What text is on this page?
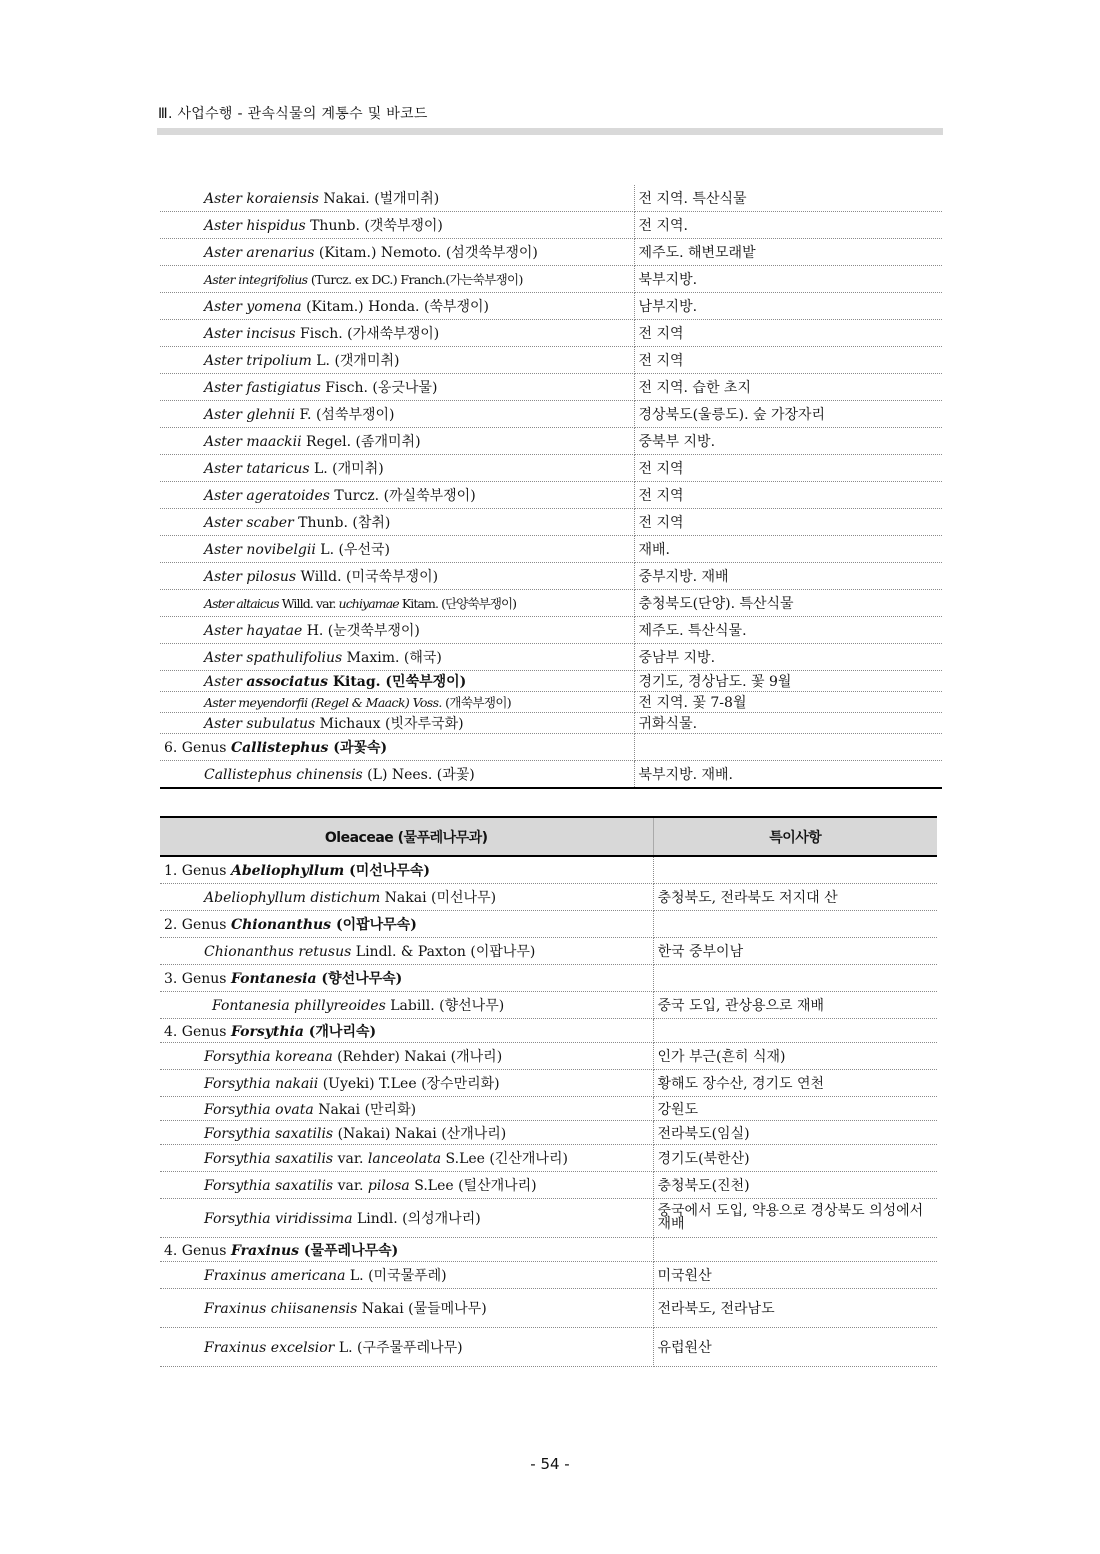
Ⅲ. 사업수행 - 관속식물의 계통수 및 바코드
Aster koraiensis Nakai. (벌개미취)	전 지역. 특산식물
Aster hispidus Thunb. (갯쑥부쟁이)	전 지역.
Aster arenarius (Kitam.) Nemoto. (섬갯쑥부쟁이)	제주도. 해변모래밭
Aster integrifolius (Turcz. ex DC.) Franch.(가는쑥부쟁이)	북부지방.
Aster yomena (Kitam.) Honda. (쑥부쟁이)	남부지방.
Aster incisus Fisch. (가새쑥부쟁이)	전 지역
Aster tripolium L. (갯개미취)	전 지역
Aster fastigiatus Fisch. (옹긋나물)	전 지역. 습한 초지
Aster glehnii F. (섬쑥부쟁이)	경상북도(울릉도). 숲 가장자리
Aster maackii Regel. (좀개미취)	중북부 지방.
Aster tataricus L. (개미취)	전 지역
Aster ageratoides Turcz. (까실쑥부쟁이)	전 지역
Aster scaber Thunb. (참취)	전 지역
Aster novibelgii L. (우선국)	재배.
Aster pilosus Willd. (미국쑥부쟁이)	중부지방. 재배
Aster altaicus Willd. var. uchiyamae Kitam. (단양쑥부쟁이)	충청북도(단양). 특산식물
Aster hayatae H. (눈갯쑥부쟁이)	제주도. 특산식물.
Aster spathulifolius Maxim. (해국)	중남부 지방.
Aster associatus Kitag. (민쑥부쟁이)	경기도, 경상남도. 꽃 9월
Aster meyendorfii (Regel & Maack) Voss. (개쑥부쟁이)	전 지역. 꽃 7-8월
Aster subulatus Michaux (빗자루국화)	귀화식물.
6. Genus Callistephus (과꽃속)	
Callistephus chinensis (L) Nees. (과꽃)	북부지방. 재배.
Oleaceae (물푸레나무과)	특이사항
1. Genus Abeliophyllum (미선나무속)	
Abeliophyllum distichum Nakai (미선나무)	충청북도, 전라북도 저지대 산
2. Genus Chionanthus (이팝나무속)	
Chionanthus retusus Lindl. & Paxton (이팝나무)	한국 중부이남
3. Genus Fontanesia (향선나무속)	
Fontanesia phillyreoides Labill. (향선나무)	중국 도입, 관상용으로 재배
4. Genus Forsythia (개나리속)	
Forsythia koreana (Rehder) Nakai (개나리)	인가 부근(흔히 식재)
Forsythia nakaii (Uyeki) T.Lee (장수만리화)	황해도 장수산, 경기도 연천
Forsythia ovata Nakai (만리화)	강원도
Forsythia saxatilis (Nakai) Nakai (산개나리)	전라북도(임실)
Forsythia saxatilis var. lanceolata S.Lee (긴산개나리)	경기도(북한산)
Forsythia saxatilis var. pilosa S.Lee (털산개나리)	충청북도(진천)
Forsythia viridissima Lindl. (의성개나리)	중국에서 도입, 약용으로 경상북도 의성에서 재배
4. Genus Fraxinus (물푸레나무속)	
Fraxinus americana L. (미국물푸레)	미국원산
Fraxinus chiisanensis Nakai (물들메나무)	전라북도, 전라남도
Fraxinus excelsior L. (구주물푸레나무)	유럽원산
- 54 -
